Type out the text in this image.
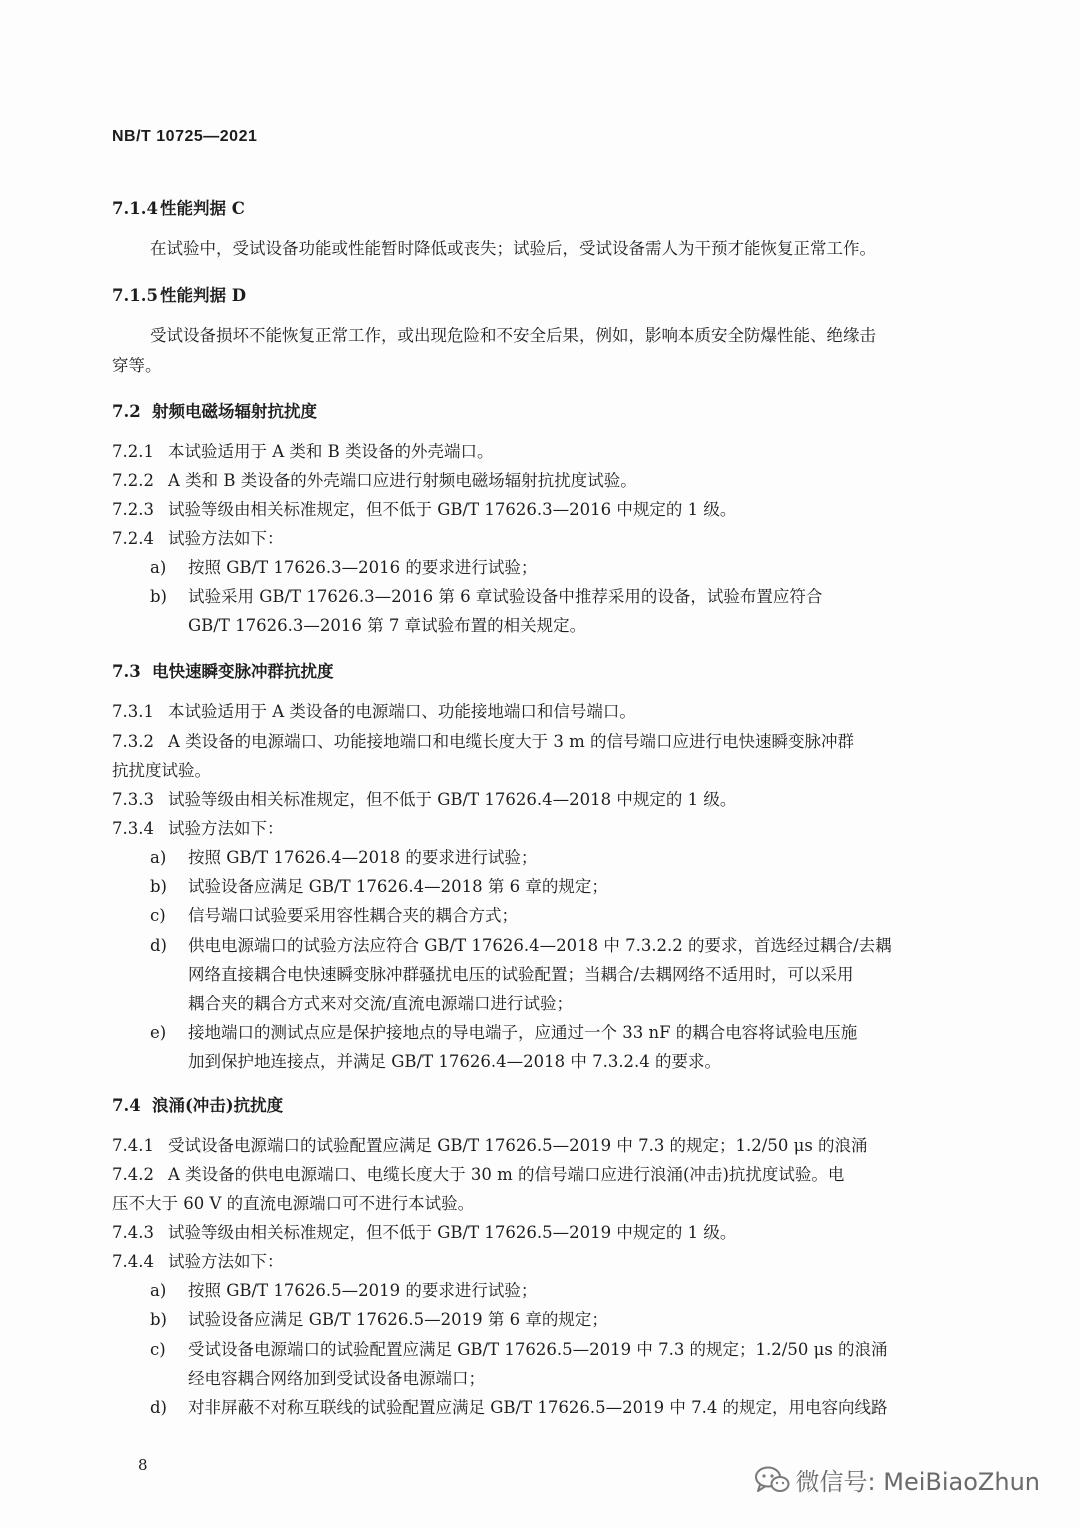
NB/T 10725—2021
7.1.4 性能判据 C
在试验中，受试设备功能或性能暂时降低或丧失；试验后，受试设备需人为干预才能恢复正常工作。
7.1.5 性能判据 D
受试设备损坏不能恢复正常工作，或出现危险和不安全后果，例如，影响本质安全防爆性能、绝缘击
穿等。
7.2 射频电磁场辐射抗扰度
7.2.1 本试验适用于 A 类和 B 类设备的外壳端口。
7.2.2 A 类和 B 类设备的外壳端口应进行射频电磁场辐射抗扰度试验。
7.2.3 试验等级由相关标准规定，但不低于 GB/T 17626.3—2016 中规定的 1 级。
7.2.4 试验方法如下：
a) 按照 GB/T 17626.3—2016 的要求进行试验；
b) 试验采用 GB/T 17626.3—2016 第 6 章试验设备中推荐采用的设备，试验布置应符合
GB/T 17626.3—2016 第 7 章试验布置的相关规定。
7.3 电快速瞬变脉冲群抗扰度
7.3.1 本试验适用于 A 类设备的电源端口、功能接地端口和信号端口。
7.3.2 A 类设备的电源端口、功能接地端口和电缆长度大于 3 m 的信号端口应进行电快速瞬变脉冲群
抗扰度试验。
7.3.3 试验等级由相关标准规定，但不低于 GB/T 17626.4—2018 中规定的 1 级。
7.3.4 试验方法如下：
a) 按照 GB/T 17626.4—2018 的要求进行试验；
b) 试验设备应满足 GB/T 17626.4—2018 第 6 章的规定；
c) 信号端口试验要采用容性耦合夹的耦合方式；
d) 供电电源端口的试验方法应符合 GB/T 17626.4—2018 中 7.3.2.2 的要求，首选经过耦合/去耦
网络直接耦合电快速瞬变脉冲群骚扰电压的试验配置；当耦合/去耦网络不适用时，可以采用
耦合夹的耦合方式来对交流/直流电源端口进行试验；
e) 接地端口的测试点应是保护接地点的导电端子，应通过一个 33 nF 的耦合电容将试验电压施
加到保护地连接点，并满足 GB/T 17626.4—2018 中 7.3.2.4 的要求。
7.4 浪涌(冲击)抗扰度
7.4.1 受试设备电源端口的试验配置应满足 GB/T 17626.5—2019 中 7.3 的规定；1.2/50 μs 的浪涌
7.4.2 A 类设备的供电电源端口、电缆长度大于 30 m 的信号端口应进行浪涌(冲击)抗扰度试验。电
压不大于 60 V 的直流电源端口可不进行本试验。
7.4.3 试验等级由相关标准规定，但不低于 GB/T 17626.5—2019 中规定的 1 级。
7.4.4 试验方法如下：
a) 按照 GB/T 17626.5—2019 的要求进行试验；
b) 试验设备应满足 GB/T 17626.5—2019 第 6 章的规定；
c) 受试设备电源端口的试验配置应满足 GB/T 17626.5—2019 中 7.3 的规定；1.2/50 μs 的浪涌
经电容耦合网络加到受试设备电源端口；
d) 对非屏蔽不对称互联线的试验配置应满足 GB/T 17626.5—2019 中 7.4 的规定，用电容向线路
8
微信号: MeiBiaoZhun
